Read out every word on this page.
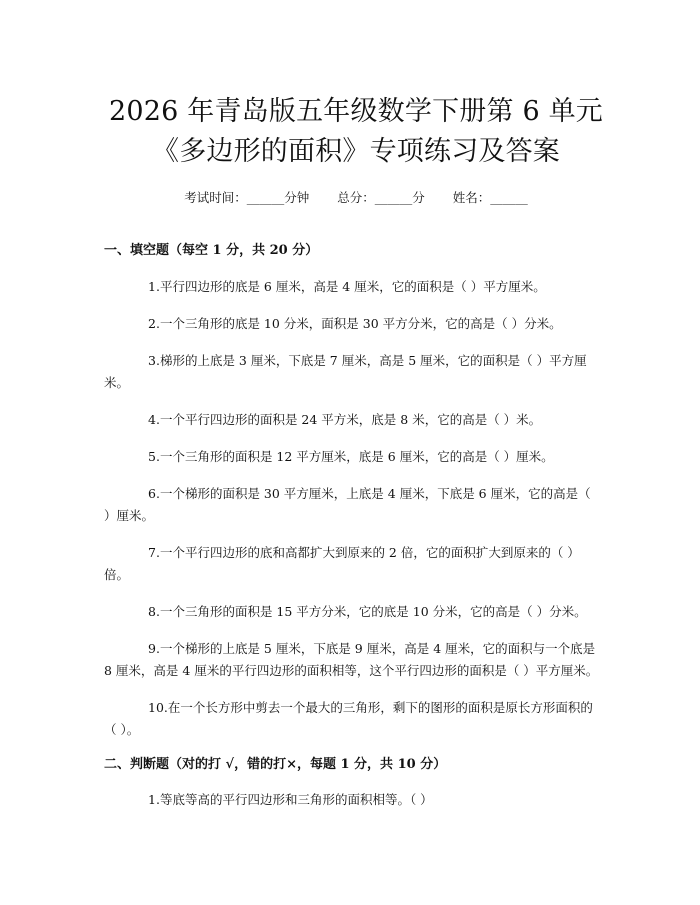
2026 年青岛版五年级数学下册第 6 单元《多边形的面积》专项练习及答案
考试时间：______分钟 总分：______分 姓名：______
一、填空题（每空 1 分，共 20 分）
1.平行四边形的底是 6 厘米，高是 4 厘米，它的面积是（ ）平方厘米。
2.一个三角形的底是 10 分米，面积是 30 平方分米，它的高是（ ）分米。
3.梯形的上底是 3 厘米，下底是 7 厘米，高是 5 厘米，它的面积是（ ）平方厘米。
4.一个平行四边形的面积是 24 平方米，底是 8 米，它的高是（ ）米。
5.一个三角形的面积是 12 平方厘米，底是 6 厘米，它的高是（ ）厘米。
6.一个梯形的面积是 30 平方厘米，上底是 4 厘米，下底是 6 厘米，它的高是（ ）厘米。
7.一个平行四边形的底和高都扩大到原来的 2 倍，它的面积扩大到原来的（ ）倍。
8.一个三角形的面积是 15 平方分米，它的底是 10 分米，它的高是（ ）分米。
9.一个梯形的上底是 5 厘米，下底是 9 厘米，高是 4 厘米，它的面积与一个底是 8 厘米，高是 4 厘米的平行四边形的面积相等，这个平行四边形的面积是（ ）平方厘米。
10.在一个长方形中剪去一个最大的三角形，剩下的图形的面积是原长方形面积的（ ）。
二、判断题（对的打 √，错的打×，每题 1 分，共 10 分）
1.等底等高的平行四边形和三角形的面积相等。（ ）
